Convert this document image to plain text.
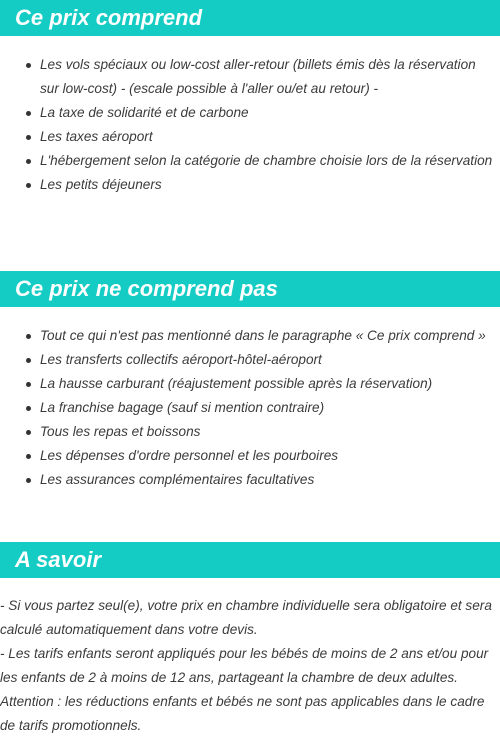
Ce prix comprend
Les vols spéciaux ou low-cost aller-retour (billets émis dès la réservation sur low-cost) - (escale possible à l'aller ou/et au retour) -
La taxe de solidarité et de carbone
Les taxes aéroport
L'hébergement selon la catégorie de chambre choisie lors de la réservation
Les petits déjeuners
Ce prix ne comprend pas
Tout ce qui n'est pas mentionné dans le paragraphe « Ce prix comprend »
Les transferts collectifs aéroport-hôtel-aéroport
La hausse carburant (réajustement possible après la réservation)
La franchise bagage (sauf si mention contraire)
Tous les repas et boissons
Les dépenses d'ordre personnel et les pourboires
Les assurances complémentaires facultatives
A savoir

- Si vous partez seul(e), votre prix en chambre individuelle sera obligatoire et sera calculé automatiquement dans votre devis.
- Les tarifs enfants seront appliqués pour les bébés de moins de 2 ans et/ou pour les enfants de 2 à moins de 12 ans, partageant la chambre de deux adultes.
Attention : les réductions enfants et bébés ne sont pas applicables dans le cadre de tarifs promotionnels.
